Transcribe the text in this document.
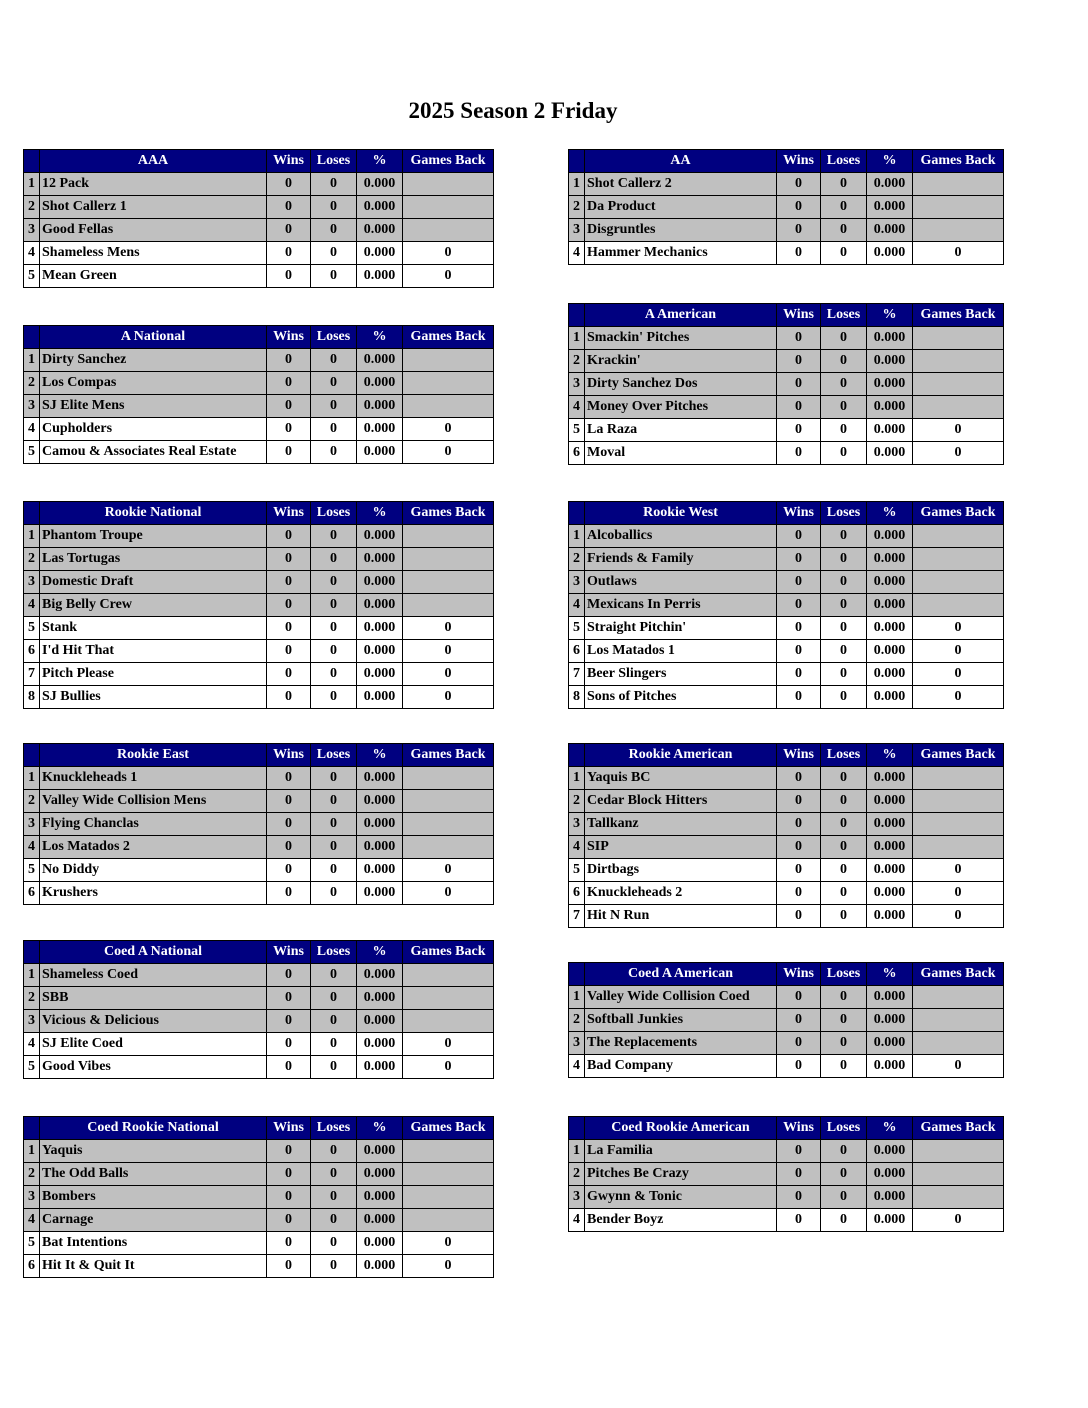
2025 Season 2 Friday
	AAA	Wins	Loses	%	Games Back
1	12 Pack	0	0	0.000	
2	Shot Callerz 1	0	0	0.000	
3	Good Fellas	0	0	0.000	
4	Shameless Mens	0	0	0.000	0
5	Mean Green	0	0	0.000	0
	AA	Wins	Loses	%	Games Back
1	Shot Callerz 2	0	0	0.000	
2	Da Product	0	0	0.000	
3	Disgruntles	0	0	0.000	
4	Hammer Mechanics	0	0	0.000	0
	A National	Wins	Loses	%	Games Back
1	Dirty Sanchez	0	0	0.000	
2	Los Compas	0	0	0.000	
3	SJ Elite Mens	0	0	0.000	
4	Cupholders	0	0	0.000	0
5	Camou & Associates Real Estate	0	0	0.000	0
	A American	Wins	Loses	%	Games Back
1	Smackin' Pitches	0	0	0.000	
2	Krackin'	0	0	0.000	
3	Dirty Sanchez Dos	0	0	0.000	
4	Money Over Pitches	0	0	0.000	
5	La Raza	0	0	0.000	0
6	Moval	0	0	0.000	0
	Rookie National	Wins	Loses	%	Games Back
1	Phantom Troupe	0	0	0.000	
2	Las Tortugas	0	0	0.000	
3	Domestic Draft	0	0	0.000	
4	Big Belly Crew	0	0	0.000	
5	Stank	0	0	0.000	0
6	I'd Hit That	0	0	0.000	0
7	Pitch Please	0	0	0.000	0
8	SJ Bullies	0	0	0.000	0
	Rookie West	Wins	Loses	%	Games Back
1	Alcoballics	0	0	0.000	
2	Friends & Family	0	0	0.000	
3	Outlaws	0	0	0.000	
4	Mexicans In Perris	0	0	0.000	
5	Straight Pitchin'	0	0	0.000	0
6	Los Matados 1	0	0	0.000	0
7	Beer Slingers	0	0	0.000	0
8	Sons of Pitches	0	0	0.000	0
	Rookie East	Wins	Loses	%	Games Back
1	Knuckleheads 1	0	0	0.000	
2	Valley Wide Collision Mens	0	0	0.000	
3	Flying Chanclas	0	0	0.000	
4	Los Matados 2	0	0	0.000	
5	No Diddy	0	0	0.000	0
6	Krushers	0	0	0.000	0
	Rookie American	Wins	Loses	%	Games Back
1	Yaquis BC	0	0	0.000	
2	Cedar Block Hitters	0	0	0.000	
3	Tallkanz	0	0	0.000	
4	SIP	0	0	0.000	
5	Dirtbags	0	0	0.000	0
6	Knuckleheads 2	0	0	0.000	0
7	Hit N Run	0	0	0.000	0
	Coed A National	Wins	Loses	%	Games Back
1	Shameless Coed	0	0	0.000	
2	SBB	0	0	0.000	
3	Vicious & Delicious	0	0	0.000	
4	SJ Elite Coed	0	0	0.000	0
5	Good Vibes	0	0	0.000	0
	Coed A American	Wins	Loses	%	Games Back
1	Valley Wide Collision Coed	0	0	0.000	
2	Softball Junkies	0	0	0.000	
3	The Replacements	0	0	0.000	
4	Bad Company	0	0	0.000	0
	Coed Rookie National	Wins	Loses	%	Games Back
1	Yaquis	0	0	0.000	
2	The Odd Balls	0	0	0.000	
3	Bombers	0	0	0.000	
4	Carnage	0	0	0.000	
5	Bat Intentions	0	0	0.000	0
6	Hit It & Quit It	0	0	0.000	0
	Coed Rookie American	Wins	Loses	%	Games Back
1	La Familia	0	0	0.000	
2	Pitches Be Crazy	0	0	0.000	
3	Gwynn & Tonic	0	0	0.000	
4	Bender Boyz	0	0	0.000	0
